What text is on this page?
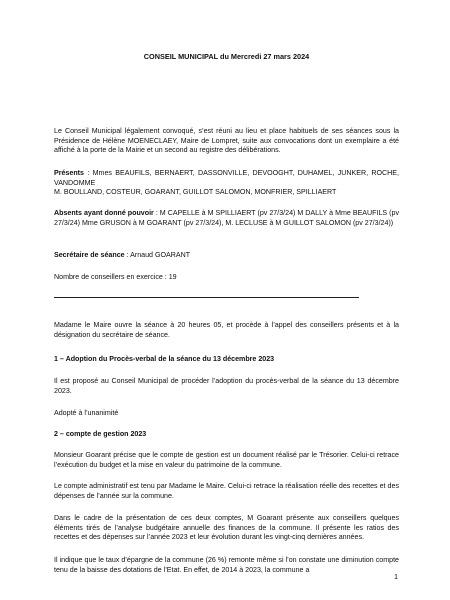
CONSEIL MUNICIPAL du Mercredi 27 mars 2024

Le Conseil Municipal légalement convoqué, s’est réuni au lieu et place habituels de ses séances sous la Présidence de Hélène MOENECLAEY, Maire de Lompret, suite aux convocations dont un exemplaire a été affiché à la porte de la Mairie et un second au registre des délibérations.

Présents : Mmes BEAUFILS, BERNAERT, DASSONVILLE, DEVOOGHT, DUHAMEL, JUNKER, ROCHE, VANDOMME
M. BOULLAND, COSTEUR, GOARANT, GUILLOT SALOMON, MONFRIER, SPILLIAERT

Absents ayant donné pouvoir : M CAPELLE à M SPILLIAERT (pv 27/3/24) M DALLY à Mme BEAUFILS (pv 27/3/24) Mme GRUSON à M GOARANT (pv 27/3/24), M. LECLUSE à M GUILLOT SALOMON (pv 27/3/24))

Secrétaire de séance : Arnaud GOARANT

Nombre de conseillers en exercice : 19

Madame le Maire ouvre la séance à 20 heures 05, et procède à l’appel des conseillers présents et à la désignation du secrétaire de séance.

1 – Adoption du Procès-verbal de la séance du 13 décembre 2023

Il est proposé au Conseil Municipal de procéder l’adoption du procès-verbal de la séance du 13 décembre 2023.

Adopté à l’unanimité

2 – compte de gestion 2023

Monsieur Goarant précise que le compte de gestion est un document réalisé par le Trésorier. Celui-ci retrace l’exécution du budget et la mise en valeur du patrimoine de la commune.

Le compte administratif est tenu par Madame le Maire. Celui-ci retrace la réalisation réelle des recettes et des dépenses de l’année sur la commune.

Dans le cadre de la présentation de ces deux comptes, M Goarant présente aux conseillers quelques éléments tirés de l’analyse budgétaire annuelle des finances de la commune. Il présente les ratios des recettes et des dépenses sur l’année 2023 et leur évolution durant les vingt-cinq dernières années.

Il indique que le taux d’épargne de la commune (26 %) remonte même si l’on constate une diminution compte tenu de la baisse des dotations de l’Etat. En effet, de 2014 à 2023, la commune a

1
